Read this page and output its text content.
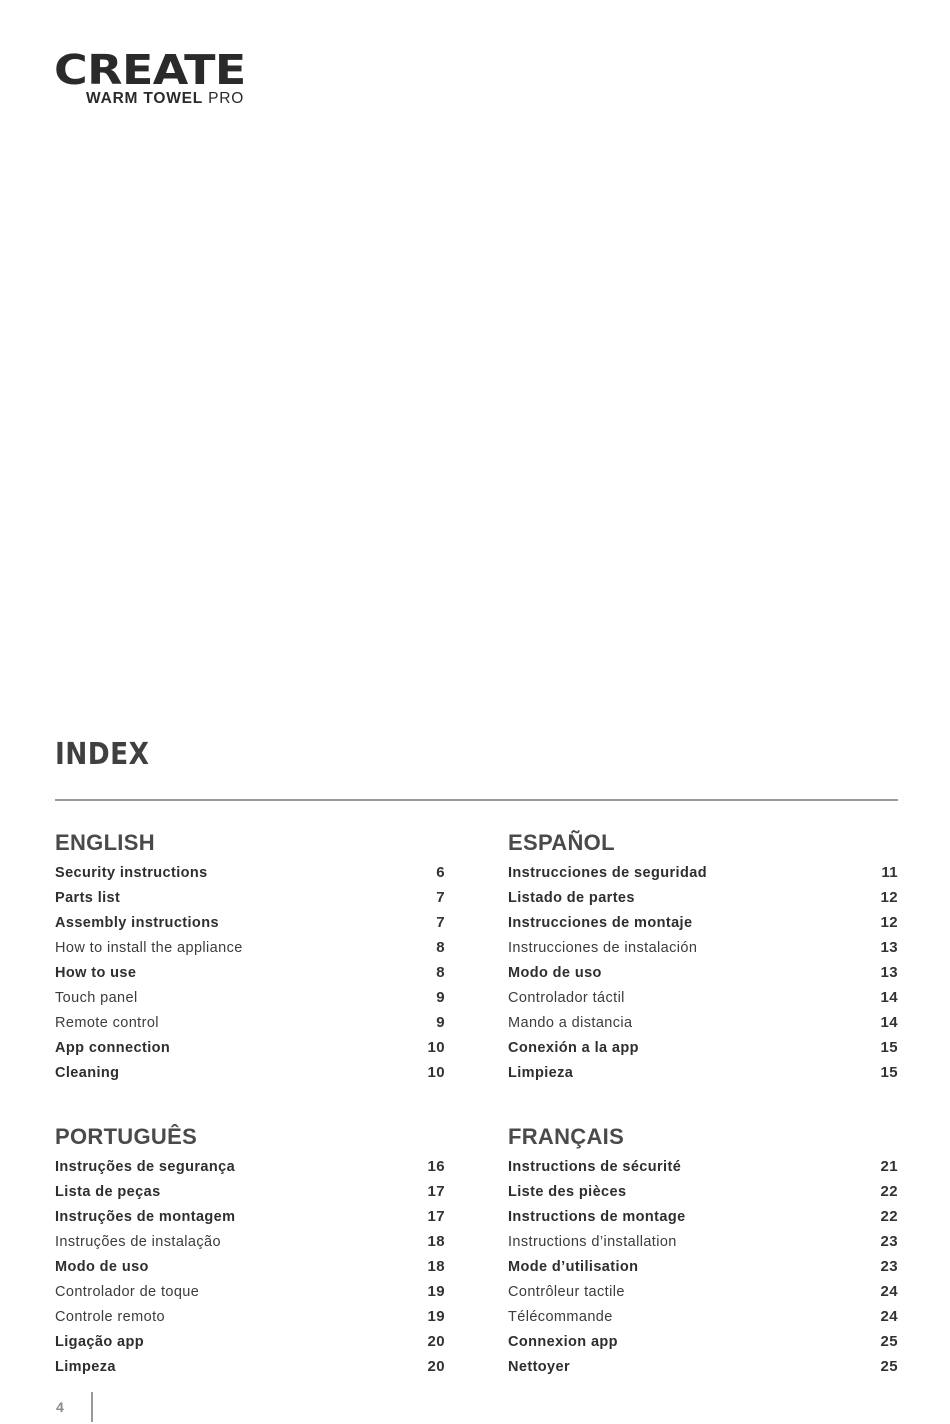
CREATE
WARM TOWEL PRO
INDEX
ENGLISH
Security instructions	6
Parts list	7
Assembly instructions	7
How to install the appliance	8
How to use	8
Touch panel	9
Remote control	9
App connection	10
Cleaning	10
ESPAÑOL
Instrucciones de seguridad	11
Listado de partes	12
Instrucciones de montaje	12
Instrucciones de instalación	13
Modo de uso	13
Controlador táctil	14
Mando a distancia	14
Conexión a la app	15
Limpieza	15
PORTUGUÊS
Instruções de segurança	16
Lista de peças	17
Instruções de montagem	17
Instruções de instalação	18
Modo de uso	18
Controlador de toque	19
Controle remoto	19
Ligação app	20
Limpeza	20
FRANÇAIS
Instructions de sécurité	21
Liste des pièces	22
Instructions de montage	22
Instructions d’installation	23
Mode d’utilisation	23
Contrôleur tactile	24
Télécommande	24
Connexion app	25
Nettoyer	25
4
